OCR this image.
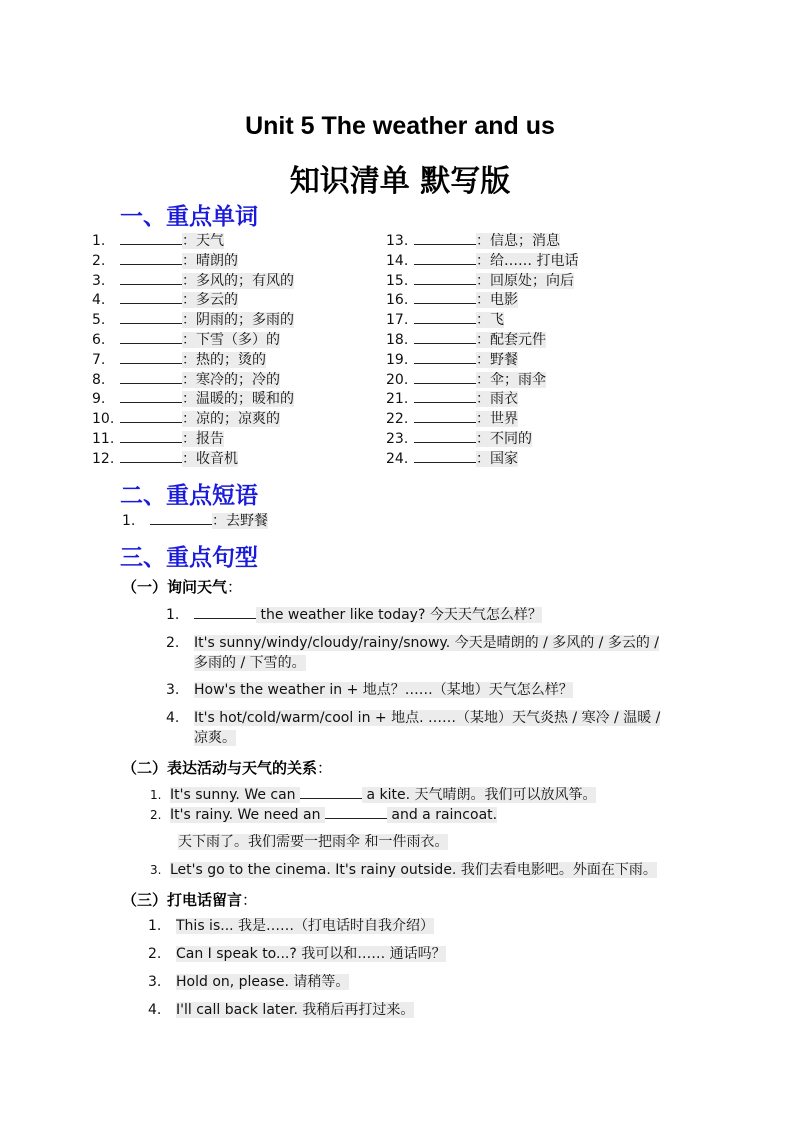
Unit 5 The weather and us
知识清单 默写版
一、重点单词
1.	：天气
2.	：晴朗的
3.	：多风的；有风的
4.	：多云的
5.	：阴雨的；多雨的
6.	：下雪（多）的
7.	：热的；烫的
8.	：寒冷的；冷的
9.	：温暖的；暖和的
10.	：凉的；凉爽的
11.	：报告
12.	：收音机
13.	：信息；消息
14.	：给…… 打电话
15.	：回原处；向后
16.	：电影
17.	：飞
18.	：配套元件
19.	：野餐
20.	：伞；雨伞
21.	：雨衣
22.	：世界
23.	：不同的
24.	：国家
二、重点短语
1.	：去野餐
三、重点句型
（一）询问天气：
1.	the weather like today? 今天天气怎么样？
2. It's sunny/windy/cloudy/rainy/snowy. 今天是晴朗的 / 多风的 / 多云的 /
多雨的 / 下雪的。
3. How's the weather in + 地点？……（某地）天气怎么样？
4. It's hot/cold/warm/cool in + 地点. ……（某地）天气炎热 / 寒冷 / 温暖 /
凉爽。
（二）表达活动与天气的关系：
1. It's sunny. We can	a kite. 天气晴朗。我们可以放风筝。
2. It's rainy. We need an	and a raincoat.
天下雨了。我们需要一把雨伞 和一件雨衣。
3. Let's go to the cinema. It's rainy outside. 我们去看电影吧。外面在下雨。
（三）打电话留言：
1. This is... 我是……（打电话时自我介绍）
2. Can I speak to...? 我可以和…… 通话吗？
3. Hold on, please. 请稍等。
4. I'll call back later. 我稍后再打过来。
